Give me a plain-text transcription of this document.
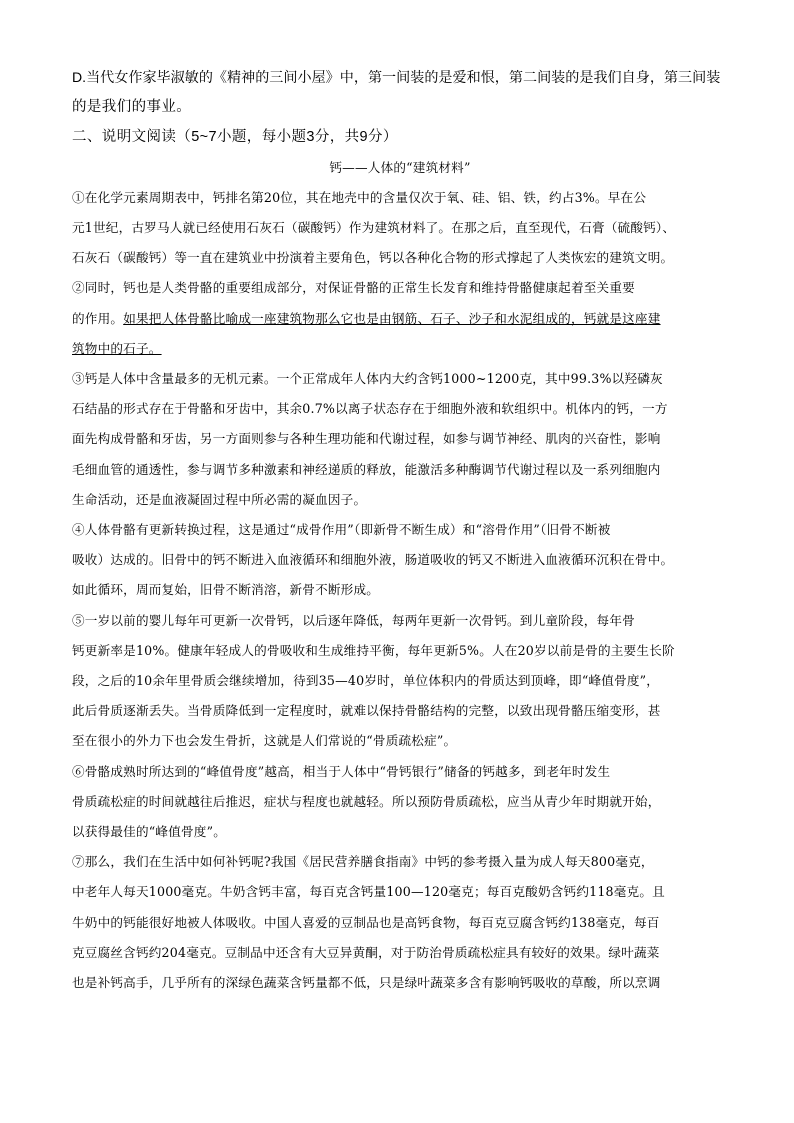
D.当代女作家毕淑敏的《精神的三间小屋》中，第一间装的是爱和恨，第二间装的是我们自身，第三间装
的是我们的事业。
二、说明文阅读（5~7小题，每小题3分，共9分）
钙——人体的“建筑材料”
①在化学元素周期表中，钙排名第20位，其在地壳中的含量仅次于氧、硅、铝、铁，约占3%。早在公
元1世纪，古罗马人就已经使用石灰石（碳酸钙）作为建筑材料了。在那之后，直至现代，石膏（硫酸钙）、
石灰石（碳酸钙）等一直在建筑业中扮演着主要角色，钙以各种化合物的形式撑起了人类恢宏的建筑文明。
②同时，钙也是人类骨骼的重要组成部分，对保证骨骼的正常生长发育和维持骨骼健康起着至关重要
的作用。如果把人体骨骼比喻成一座建筑物那么它也是由钢筋、石子、沙子和水泥组成的，钙就是这座建
筑物中的石子。
③钙是人体中含量最多的无机元素。一个正常成年人体内大约含钙1000~1200克，其中99.3%以羟磷灰
石结晶的形式存在于骨骼和牙齿中，其余0.7%以离子状态存在于细胞外液和软组织中。机体内的钙，一方
面先构成骨骼和牙齿，另一方面则参与各种生理功能和代谢过程，如参与调节神经、肌肉的兴奋性，影响
毛细血管的通透性，参与调节多种激素和神经递质的释放，能激活多种酶调节代谢过程以及一系列细胞内
生命活动，还是血液凝固过程中所必需的凝血因子。
④人体骨骼有更新转换过程，这是通过“成骨作用”（即新骨不断生成）和“溶骨作用”（旧骨不断被
吸收）达成的。旧骨中的钙不断进入血液循环和细胞外液，肠道吸收的钙又不断进入血液循环沉积在骨中。
如此循环，周而复始，旧骨不断消溶，新骨不断形成。
⑤一岁以前的婴儿每年可更新一次骨钙，以后逐年降低，每两年更新一次骨钙。到儿童阶段，每年骨
钙更新率是10%。健康年轻成人的骨吸收和生成维持平衡，每年更新5%。人在20岁以前是骨的主要生长阶
段，之后的10余年里骨质会继续增加，待到35—40岁时，单位体积内的骨质达到顶峰，即“峰值骨度”，
此后骨质逐渐丢失。当骨质降低到一定程度时，就难以保持骨骼结构的完整，以致出现骨骼压缩变形，甚
至在很小的外力下也会发生骨折，这就是人们常说的“骨质疏松症”。
⑥骨骼成熟时所达到的“峰值骨度”越高，相当于人体中“骨钙银行”储备的钙越多，到老年时发生
骨质疏松症的时间就越往后推迟，症状与程度也就越轻。所以预防骨质疏松，应当从青少年时期就开始，
以获得最佳的“峰值骨度”。
⑦那么，我们在生活中如何补钙呢?我国《居民营养膳食指南》中钙的参考摄入量为成人每天800毫克，
中老年人每天1000毫克。牛奶含钙丰富，每百克含钙量100—120毫克；每百克酸奶含钙约118毫克。且
牛奶中的钙能很好地被人体吸收。中国人喜爱的豆制品也是高钙食物，每百克豆腐含钙约138毫克，每百
克豆腐丝含钙约204毫克。豆制品中还含有大豆异黄酮，对于防治骨质疏松症具有较好的效果。绿叶蔬菜
也是补钙高手，几乎所有的深绿色蔬菜含钙量都不低，只是绿叶蔬菜多含有影响钙吸收的草酸，所以烹调
